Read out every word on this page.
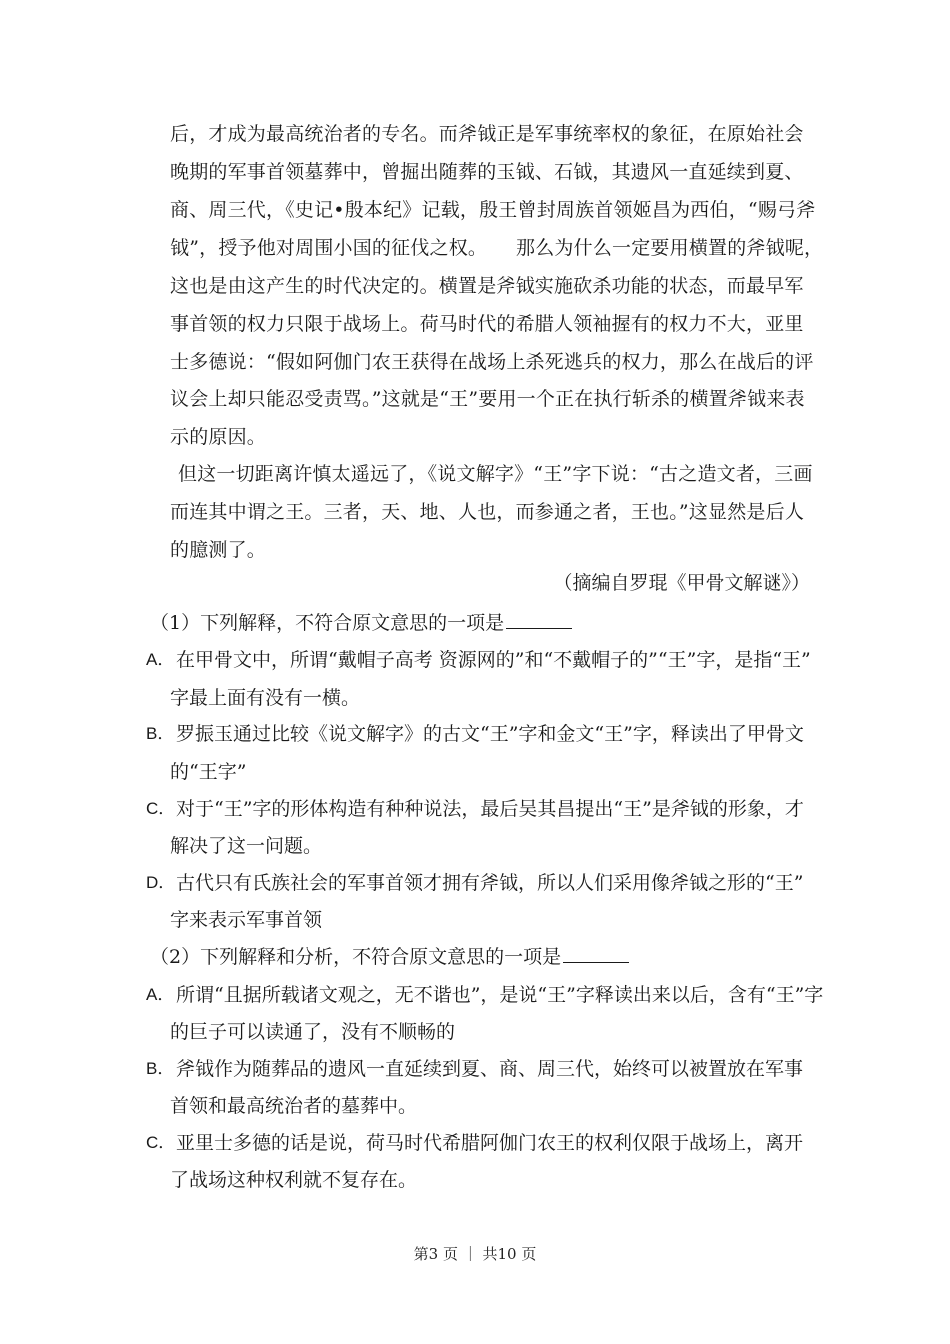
后，才成为最高统治者的专名。而斧钺正是军事统率权的象征，在原始社会
晚期的军事首领墓葬中，曾掘出随葬的玉钺、石钺，其遗风一直延续到夏、
商、周三代，《史记•殷本纪》记载，殷王曾封周族首领姬昌为西伯，“赐弓斧
钺”，授予他对周围小国的征伐之权。　　那么为什么一定要用横置的斧钺呢，
这也是由这产生的时代决定的。横置是斧钺实施砍杀功能的状态，而最早军
事首领的权力只限于战场上。荷马时代的希腊人领袖握有的权力不大，亚里
士多德说：“假如阿伽门农王获得在战场上杀死逃兵的权力，那么在战后的评
议会上却只能忍受责骂。”这就是“王”要用一个正在执行斩杀的横置斧钺来表
示的原因。
但这一切距离许慎太遥远了，《说文解字》“王”字下说：“古之造文者，三画
而连其中谓之王。三者，天、地、人也，而参通之者，王也。”这显然是后人
的臆测了。
（摘编自罗琨《甲骨文解谜》）
（1）下列解释，不符合原文意思的一项是
A． 在甲骨文中，所谓“戴帽子高考 资源网的”和“不戴帽子的”“王”字，是指“王”
字最上面有没有一横。
B． 罗振玉通过比较《说文解字》的古文“王”字和金文“王”字，释读出了甲骨文
的“王字”
C． 对于“王”字的形体构造有种种说法，最后吴其昌提出“王”是斧钺的形象，才
解决了这一问题。
D． 古代只有氏族社会的军事首领才拥有斧钺，所以人们采用像斧钺之形的“王”
字来表示军事首领
（2）下列解释和分析，不符合原文意思的一项是
A． 所谓“且据所载诸文观之，无不谐也”，是说“王”字释读出来以后，含有“王”字
的巨子可以读通了，没有不顺畅的
B． 斧钺作为随葬品的遗风一直延续到夏、商、周三代，始终可以被置放在军事
首领和最高统治者的墓葬中。
C． 亚里士多德的话是说，荷马时代希腊阿伽门农王的权利仅限于战场上，离开
了战场这种权利就不复存在。
第3 页 ｜ 共10 页
